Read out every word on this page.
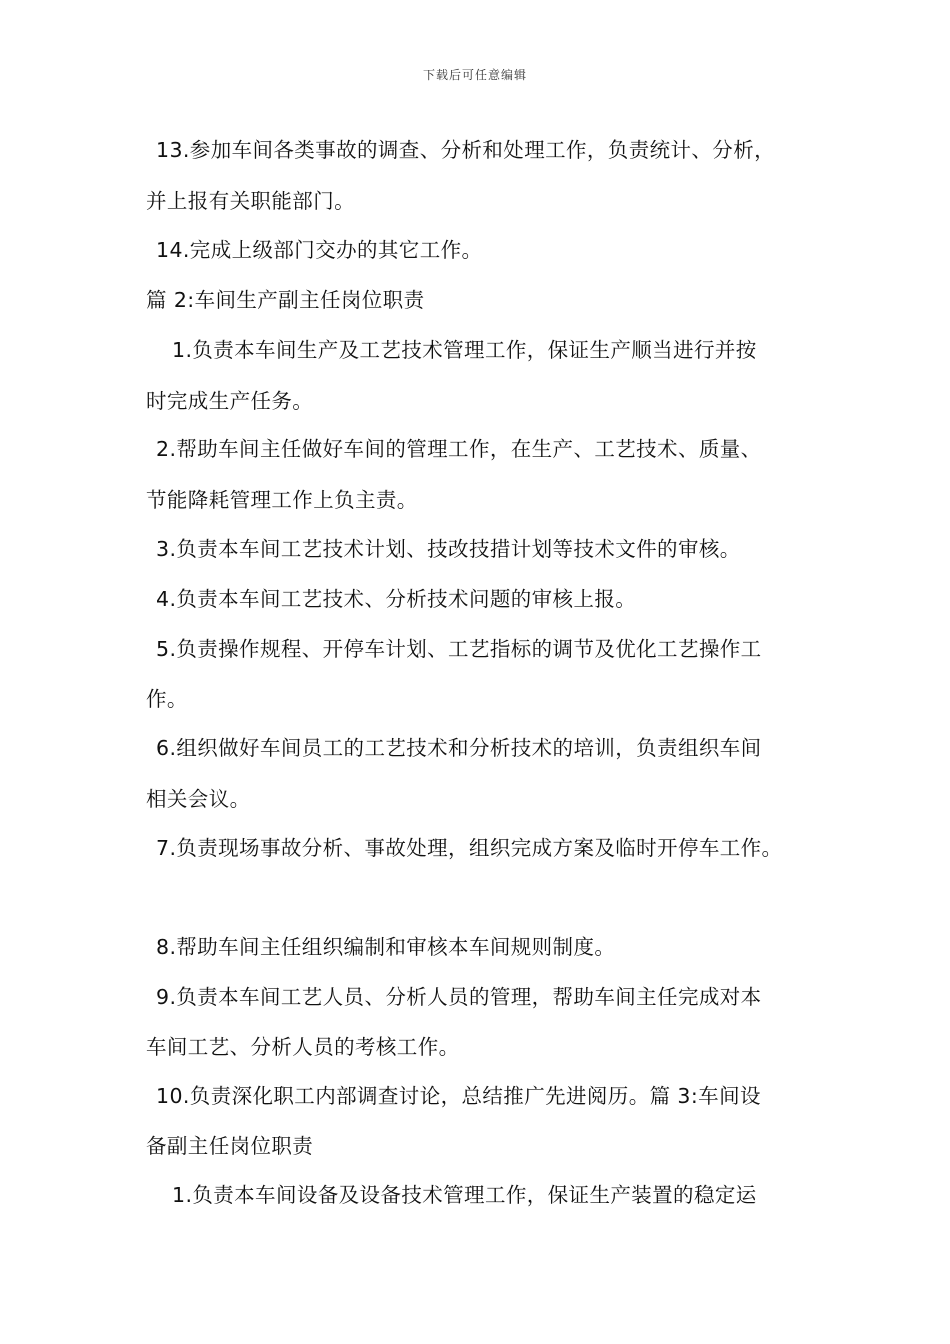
下载后可任意编辑
13.参加车间各类事故的调查、分析和处理工作，负责统计、分析，
并上报有关职能部门。
14.完成上级部门交办的其它工作。
篇 2:车间生产副主任岗位职责
1.负责本车间生产及工艺技术管理工作，保证生产顺当进行并按
时完成生产任务。
2.帮助车间主任做好车间的管理工作，在生产、工艺技术、质量、
节能降耗管理工作上负主责。
3.负责本车间工艺技术计划、技改技措计划等技术文件的审核。
4.负责本车间工艺技术、分析技术问题的审核上报。
5.负责操作规程、开停车计划、工艺指标的调节及优化工艺操作工
作。
6.组织做好车间员工的工艺技术和分析技术的培训，负责组织车间
相关会议。
7.负责现场事故分析、事故处理，组织完成方案及临时开停车工作。
8.帮助车间主任组织编制和审核本车间规则制度。
9.负责本车间工艺人员、分析人员的管理，帮助车间主任完成对本
车间工艺、分析人员的考核工作。
10.负责深化职工内部调查讨论，总结推广先进阅历。篇 3:车间设
备副主任岗位职责
1.负责本车间设备及设备技术管理工作，保证生产装置的稳定运
